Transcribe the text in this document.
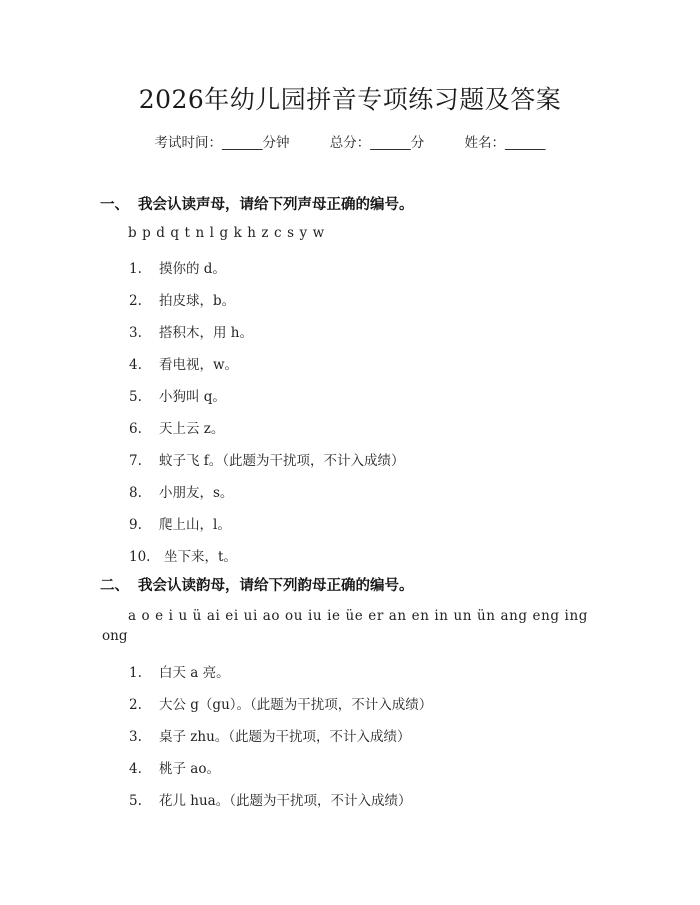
2026年幼儿园拼音专项练习题及答案
考试时间：______分钟	总分：______分	姓名：______
一、 我会认读声母，请给下列声母正确的编号。
b p d q t n l g k h z c s y w
1. 摸你的 d。
2. 拍皮球，b。
3. 搭积木，用 h。
4. 看电视，w。
5. 小狗叫 q。
6. 天上云 z。
7. 蚊子飞 f。（此题为干扰项，不计入成绩）
8. 小朋友，s。
9. 爬上山，l。
10. 坐下来，t。
二、 我会认读韵母，请给下列韵母正确的编号。
a o e i u ü ai ei ui ao ou iu ie üe er an en in un ün ang eng ing
ong
1. 白天 a 亮。
2. 大公 g（gu）。（此题为干扰项，不计入成绩）
3. 桌子 zhu。（此题为干扰项，不计入成绩）
4. 桃子 ao。
5. 花儿 hua。（此题为干扰项，不计入成绩）
